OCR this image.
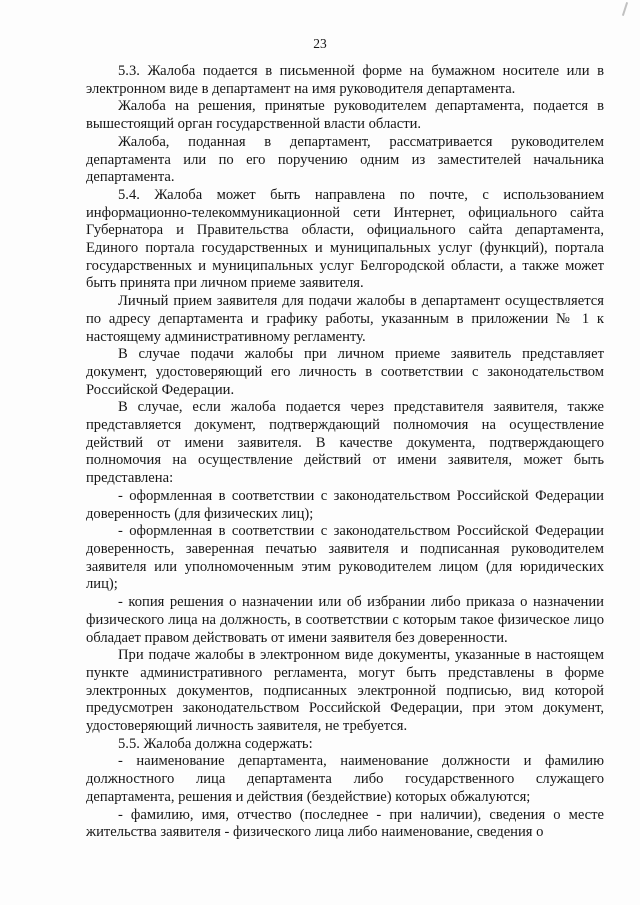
23

5.3. Жалоба подается в письменной форме на бумажном носителе или в электронном виде в департамент на имя руководителя департамента.

Жалоба на решения, принятые руководителем департамента, подается в вышестоящий орган государственной власти области.

Жалоба, поданная в департамент, рассматривается руководителем департамента или по его поручению одним из заместителей начальника департамента.

5.4. Жалоба может быть направлена по почте, с использованием информационно-телекоммуникационной сети Интернет, официального сайта Губернатора и Правительства области, официального сайта департамента, Единого портала государственных и муниципальных услуг (функций), портала государственных и муниципальных услуг Белгородской области, а также может быть принята при личном приеме заявителя.

Личный прием заявителя для подачи жалобы в департамент осуществляется по адресу департамента и графику работы, указанным в приложении № 1 к настоящему административному регламенту.

В случае подачи жалобы при личном приеме заявитель представляет документ, удостоверяющий его личность в соответствии с законодательством Российской Федерации.

В случае, если жалоба подается через представителя заявителя, также представляется документ, подтверждающий полномочия на осуществление действий от имени заявителя. В качестве документа, подтверждающего полномочия на осуществление действий от имени заявителя, может быть представлена:

- оформленная в соответствии с законодательством Российской Федерации доверенность (для физических лиц);

- оформленная в соответствии с законодательством Российской Федерации доверенность, заверенная печатью заявителя и подписанная руководителем заявителя или уполномоченным этим руководителем лицом (для юридических лиц);

- копия решения о назначении или об избрании либо приказа о назначении физического лица на должность, в соответствии с которым такое физическое лицо обладает правом действовать от имени заявителя без доверенности.

При подаче жалобы в электронном виде документы, указанные в настоящем пункте административного регламента, могут быть представлены в форме электронных документов, подписанных электронной подписью, вид которой предусмотрен законодательством Российской Федерации, при этом документ, удостоверяющий личность заявителя, не требуется.

5.5. Жалоба должна содержать:

- наименование департамента, наименование должности и фамилию должностного лица департамента либо государственного служащего департамента, решения и действия (бездействие) которых обжалуются;

- фамилию, имя, отчество (последнее - при наличии), сведения о месте жительства заявителя - физического лица либо наименование, сведения о
